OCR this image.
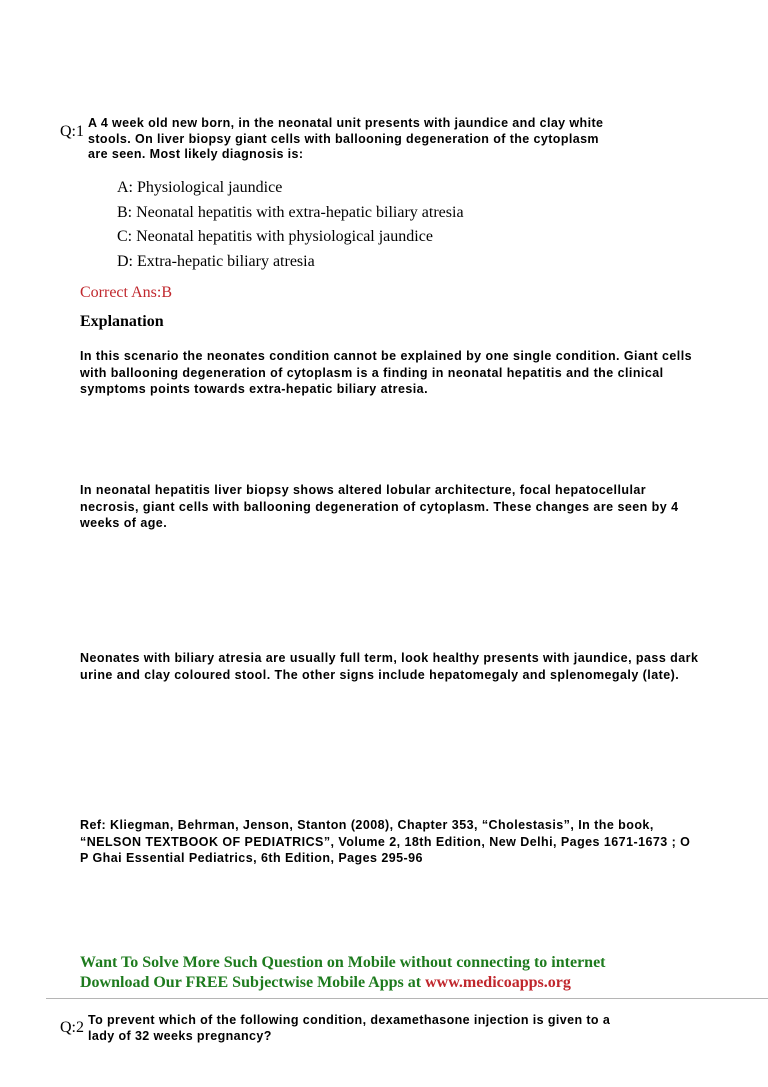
Q:1 A 4 week old new born, in the neonatal unit presents with jaundice and clay white
stools. On liver biopsy giant cells with ballooning degeneration of the cytoplasm
are seen. Most likely diagnosis is:
A: Physiological jaundice
B: Neonatal hepatitis with extra-hepatic biliary atresia
C: Neonatal hepatitis with physiological jaundice
D: Extra-hepatic biliary atresia
Correct Ans:B
Explanation
In this scenario the neonates condition cannot be explained by one single condition. Giant cells with ballooning degeneration of cytoplasm is a finding in neonatal hepatitis and the clinical symptoms points towards extra-hepatic biliary atresia.
In neonatal hepatitis liver biopsy shows altered lobular architecture, focal hepatocellular necrosis, giant cells with ballooning degeneration of cytoplasm. These changes are seen by 4 weeks of age.
Neonates with biliary atresia are usually full term, look healthy presents with jaundice, pass dark urine and clay coloured stool. The other signs include hepatomegaly and splenomegaly (late).
Ref: Kliegman, Behrman, Jenson, Stanton (2008), Chapter 353, “Cholestasis”, In the book, “NELSON TEXTBOOK OF PEDIATRICS”, Volume 2, 18th Edition, New Delhi, Pages 1671-1673 ; O P Ghai Essential Pediatrics, 6th Edition, Pages 295-96
Want To Solve More Such Question on Mobile without connecting to internet
Download Our FREE Subjectwise Mobile Apps at www.medicoapps.org
Q:2 To prevent which of the following condition, dexamethasone injection is given to a
lady of 32 weeks pregnancy?
